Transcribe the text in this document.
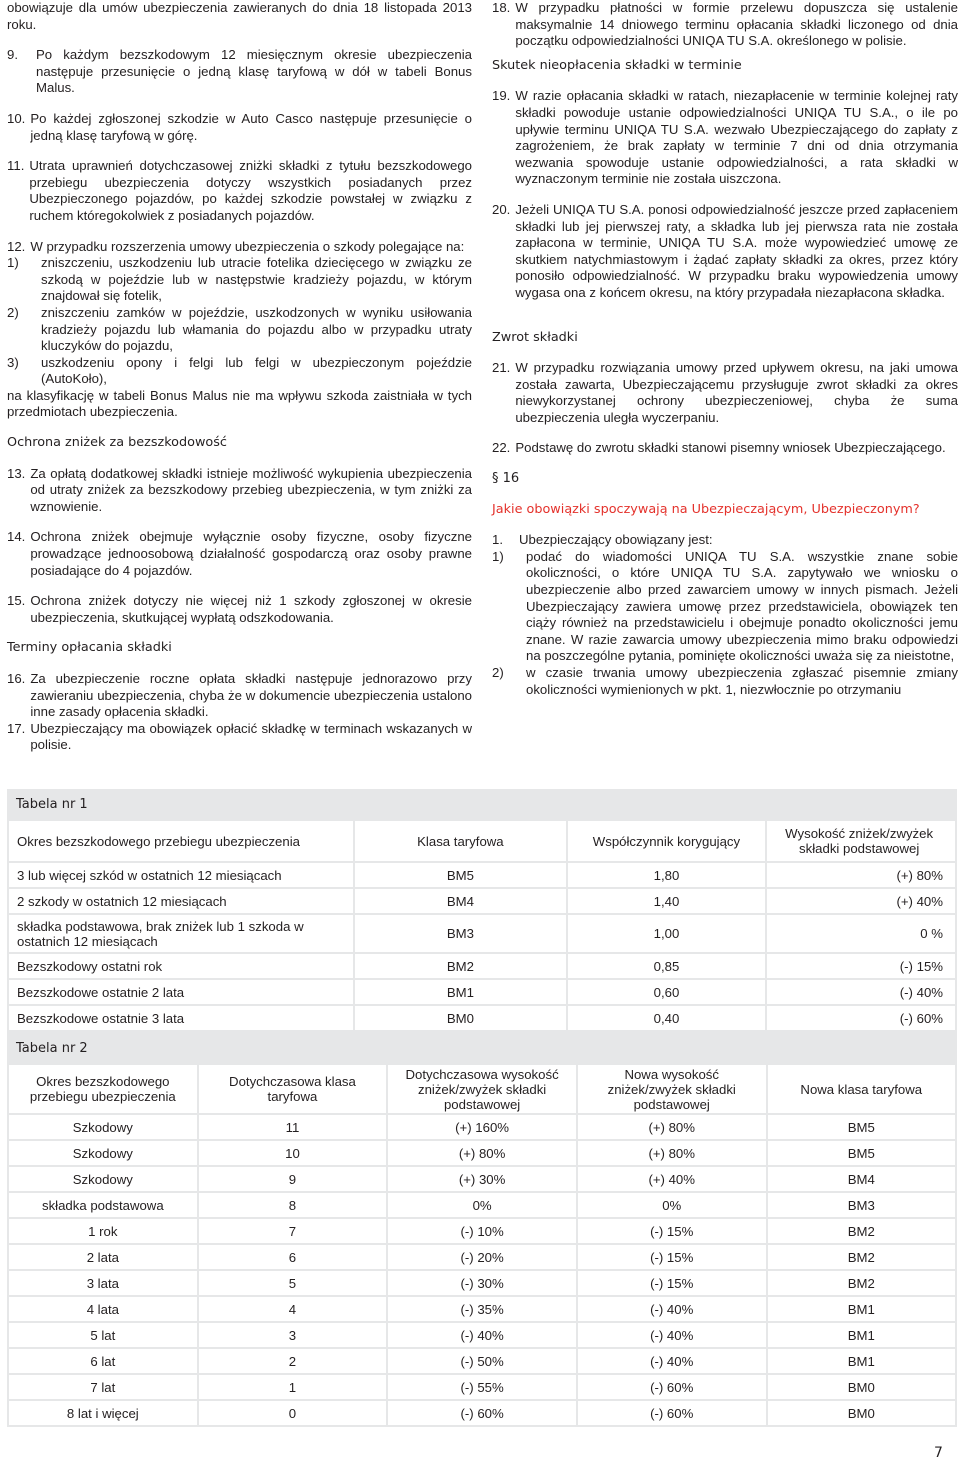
obowiązuje dla umów ubezpieczenia zawieranych do dnia 18 listopada 2013 roku.

9.	Po każdym bezszkodowym 12 miesięcznym okresie ubezpieczenia następuje przesunięcie o jedną klasę taryfową w dół w tabeli Bonus Malus.
10. Po każdej zgłoszonej szkodzie w Auto Casco następuje przesunięcie o jedną klasę taryfową w górę.
11. Utrata uprawnień dotychczasowej zniżki składki z tytułu bezszkodowego przebiegu ubezpieczenia dotyczy wszystkich posiadanych przez Ubezpieczonego pojazdów, po każdej szkodzie powstałej w związku z ruchem któregokolwiek z posiadanych pojazdów.
12. W przypadku rozszerzenia umowy ubezpieczenia o szkody polegające na:
1)	zniszczeniu, uszkodzeniu lub utracie fotelika dziecięcego w związku ze szkodą w pojeździe lub w następstwie kradzieży pojazdu, w którym znajdował się fotelik,
2)	zniszczeniu zamków w pojeździe, uszkodzonych w wyniku usiłowania kradzieży pojazdu lub włamania do pojazdu albo w przypadku utraty kluczyków do pojazdu,
3)	uszkodzeniu opony i felgi lub felgi w ubezpieczonym pojeździe (AutoKoło),

na klasyfikację w tabeli Bonus Malus nie ma wpływu szkoda zaistniała w tych przedmiotach ubezpieczenia.

Ochrona zniżek za bezszkodowość

13. Za opłatą dodatkowej składki istnieje możliwość wykupienia ubezpieczenia od utraty zniżek za bezszkodowy przebieg ubezpieczenia, w tym zniżki za wznowienie.
14. Ochrona zniżek obejmuje wyłącznie osoby fizyczne, osoby fizyczne prowadzące jednoosobową działalność gospodarczą oraz osoby prawne posiadające do 4 pojazdów.
15. Ochrona zniżek dotyczy nie więcej niż 1 szkody zgłoszonej w okresie ubezpieczenia, skutkującej wypłatą odszkodowania.

Terminy opłacania składki

16. Za ubezpieczenie roczne opłata składki następuje jednorazowo przy zawieraniu ubezpieczenia, chyba że w dokumencie ubezpieczenia ustalono inne zasady opłacenia składki.
17. Ubezpieczający ma obowiązek opłacić składkę w terminach wskazanych w polisie.
18. W przypadku płatności w formie przelewu dopuszcza się ustalenie maksymalnie 14 dniowego terminu opłacania składki liczonego od dnia początku odpowiedzialności UNIQA TU S.A. określonego w polisie.

Skutek nieopłacenia składki w terminie

19. W razie opłacania składki w ratach, niezapłacenie w terminie kolejnej raty składki powoduje ustanie odpowiedzialności UNIQA TU S.A., o ile po upływie terminu UNIQA TU S.A. wezwało Ubezpieczającego do zapłaty z zagrożeniem, że brak zapłaty w terminie 7 dni od dnia otrzymania wezwania spowoduje ustanie odpowiedzialności, a rata składki w wyznaczonym terminie nie została uiszczona.
20. Jeżeli UNIQA TU S.A. ponosi odpowiedzialność jeszcze przed zapłaceniem składki lub jej pierwszej raty, a składka lub jej pierwsza rata nie została zapłacona w terminie, UNIQA TU S.A. może wypowiedzieć umowę ze skutkiem natychmiastowym i żądać zapłaty składki za okres, przez który ponosiło odpowiedzialność. W przypadku braku wypowiedzenia umowy wygasa ona z końcem okresu, na który przypadała niezapłacona składka.

Zwrot składki

21. W przypadku rozwiązania umowy przed upływem okresu, na jaki umowa została zawarta, Ubezpieczającemu przysługuje zwrot składki za okres niewykorzystanej ochrony ubezpieczeniowej, chyba że suma ubezpieczenia uległa wyczerpaniu.
22. Podstawę do zwrotu składki stanowi pisemny wniosek Ubezpieczającego.

§ 16

Jakie obowiązki spoczywają na Ubezpieczającym, Ubezpieczonym?

1.	Ubezpieczający obowiązany jest:
1)	podać do wiadomości UNIQA TU S.A. wszystkie znane sobie okoliczności, o które UNIQA TU S.A. zapytywało we wniosku o ubezpieczenie albo przed zawarciem umowy w innych pismach. Jeżeli Ubezpieczający zawiera umowę przez przedstawiciela, obowiązek ten ciąży również na przedstawicielu i obejmuje ponadto okoliczności jemu znane. W razie zawarcia umowy ubezpieczenia mimo braku odpowiedzi na poszczególne pytania, pominięte okoliczności uważa się za nieistotne,
2)	w czasie trwania umowy ubezpieczenia zgłaszać pisemnie zmiany okoliczności wymienionych w pkt. 1, niezwłocznie po otrzymaniu
Tabela nr 1
Okres bezszkodowego przebiegu ubezpieczenia	Klasa taryfowa	Współczynnik korygujący	Wysokość zniżek/zwyżek składki podstawowej
3 lub więcej szkód w ostatnich 12 miesiącach	BM5	1,80	(+) 80%
2 szkody w ostatnich 12 miesiącach	BM4	1,40	(+) 40%
składka podstawowa, brak zniżek lub 1 szkoda w ostatnich 12 miesiącach	BM3	1,00	0 %
Bezszkodowy ostatni rok	BM2	0,85	(-) 15%
Bezszkodowe ostatnie 2 lata	BM1	0,60	(-) 40%
Bezszkodowe ostatnie 3 lata	BM0	0,40	(-) 60%
Tabela nr 2
Okres bezszkodowego przebiegu ubezpieczenia	Dotychczasowa klasa taryfowa	Dotychczasowa wysokość zniżek/zwyżek składki podstawowej	Nowa wysokość zniżek/zwyżek składki podstawowej	Nowa klasa taryfowa
Szkodowy	11	(+) 160%	(+) 80%	BM5
Szkodowy	10	(+) 80%	(+) 80%	BM5
Szkodowy	9	(+) 30%	(+) 40%	BM4
składka podstawowa	8	0%	0%	BM3
1 rok	7	(-) 10%	(-) 15%	BM2
2 lata	6	(-) 20%	(-) 15%	BM2
3 lata	5	(-) 30%	(-) 15%	BM2
4 lata	4	(-) 35%	(-) 40%	BM1
5 lat	3	(-) 40%	(-) 40%	BM1
6 lat	2	(-) 50%	(-) 40%	BM1
7 lat	1	(-) 55%	(-) 60%	BM0
8 lat i więcej	0	(-) 60%	(-) 60%	BM0
7
